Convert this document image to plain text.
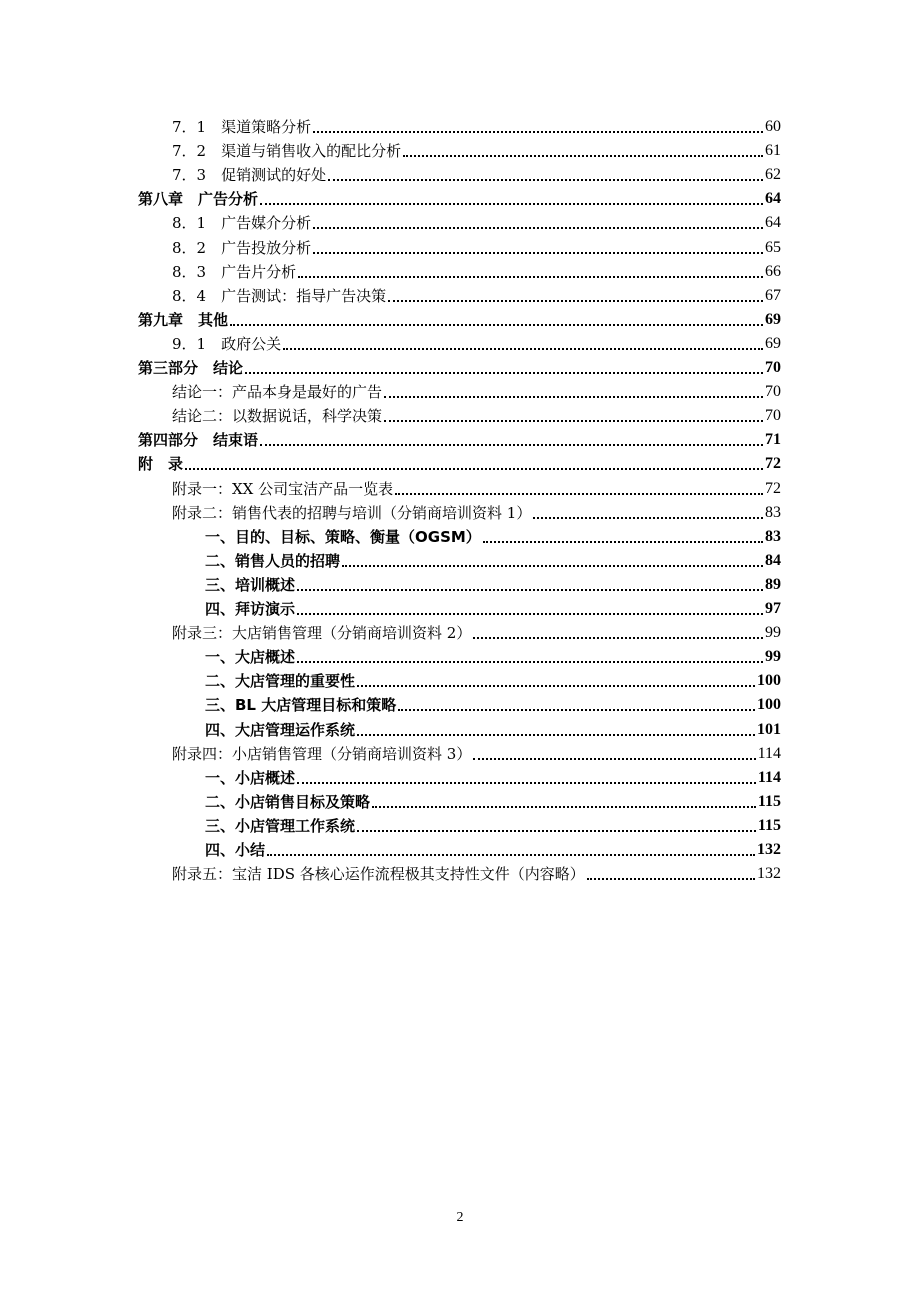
7．1　渠道策略分析	60
7．2　渠道与销售收入的配比分析	61
7．3　促销测试的好处	62
第八章　广告分析	64
8．1　广告媒介分析	64
8．2　广告投放分析	65
8．3　广告片分析	66
8．4　广告测试：指导广告决策	67
第九章　其他	69
9．1　政府公关	69
第三部分　结论	70
结论一：产品本身是最好的广告	70
结论二：以数据说话，科学决策	70
第四部分　结束语	71
附　录	72
附录一：XX 公司宝洁产品一览表	72
附录二：销售代表的招聘与培训（分销商培训资料 1）	83
一、目的、目标、策略、衡量（OGSM）	83
二、销售人员的招聘	84
三、培训概述	89
四、拜访演示	97
附录三：大店销售管理（分销商培训资料 2）	99
一、大店概述	99
二、大店管理的重要性	100
三、BL 大店管理目标和策略	100
四、大店管理运作系统	101
附录四：小店销售管理（分销商培训资料 3）	114
一、小店概述	114
二、小店销售目标及策略	115
三、小店管理工作系统	115
四、小结	132
附录五：宝洁 IDS 各核心运作流程极其支持性文件（内容略）	132
2
